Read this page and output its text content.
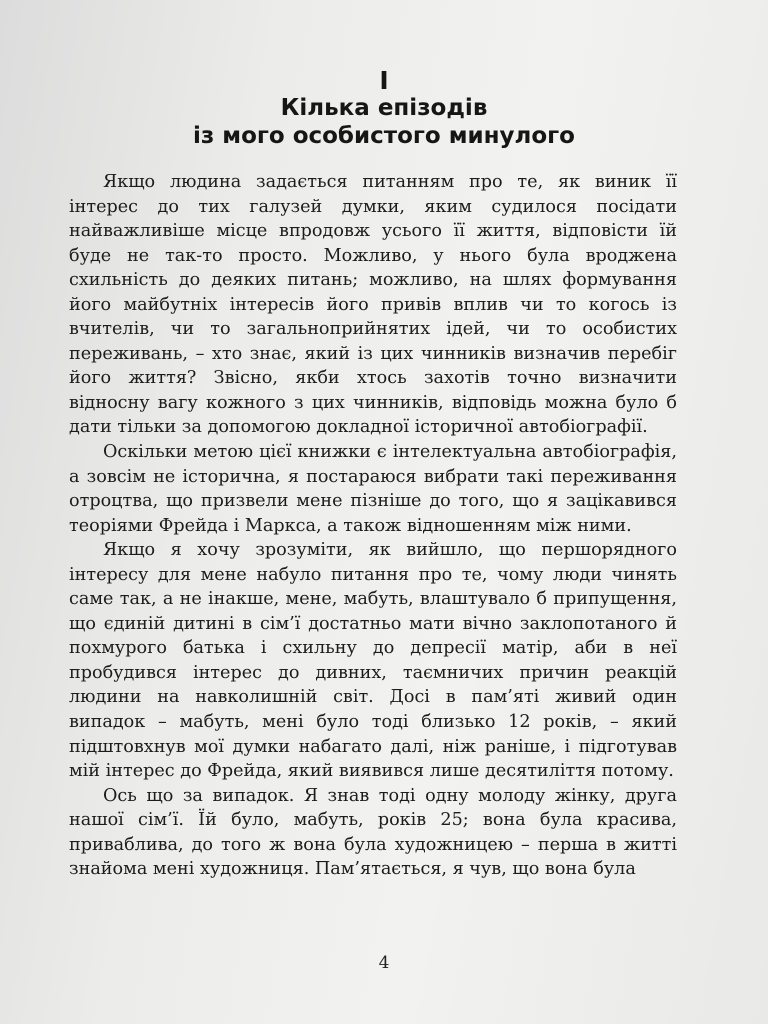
I
Кілька епізодів
із мого особистого минулого

Якщо людина задається питанням про те, як виник її інтерес до тих галузей думки, яким судилося посідати найважливіше місце впродовж усього її життя, відповісти їй буде не так-то просто. Можливо, у нього була вроджена схильність до деяких питань; можливо, на шлях формування його майбутніх інтересів його привів вплив чи то когось із вчителів, чи то загальноприйнятих ідей, чи то особистих переживань, – хто знає, який із цих чинників визначив перебіг його життя? Звісно, якби хтось захотів точно визначити відносну вагу кожного з цих чинників, відповідь можна було б дати тільки за допомогою докладної історичної автобіографії.

Оскільки метою цієї книжки є інтелектуальна автобіографія, а зовсім не історична, я постараюся вибрати такі переживання отроцтва, що призвели мене пізніше до того, що я зацікавився теоріями Фрейда і Маркса, а також відношенням між ними.

Якщо я хочу зрозуміти, як вийшло, що першорядного інтересу для мене набуло питання про те, чому люди чинять саме так, а не інакше, мене, мабуть, влаштувало б припущення, що єдиній дитині в сім’ї достатньо мати вічно заклопотаного й похмурого батька і схильну до депресії матір, аби в неї пробудився інтерес до дивних, таємничих причин реакцій людини на навколишній світ. Досі в пам’яті живий один випадок – мабуть, мені було тоді близько 12 років, – який підштовхнув мої думки набагато далі, ніж раніше, і підготував мій інтерес до Фрейда, який виявився лише десятиліття потому.

Ось що за випадок. Я знав тоді одну молоду жінку, друга нашої сім’ї. Їй було, мабуть, років 25; вона була красива, приваблива, до того ж вона була художницею – перша в житті знайома мені художниця. Пам’ятається, я чув, що вона була

4
